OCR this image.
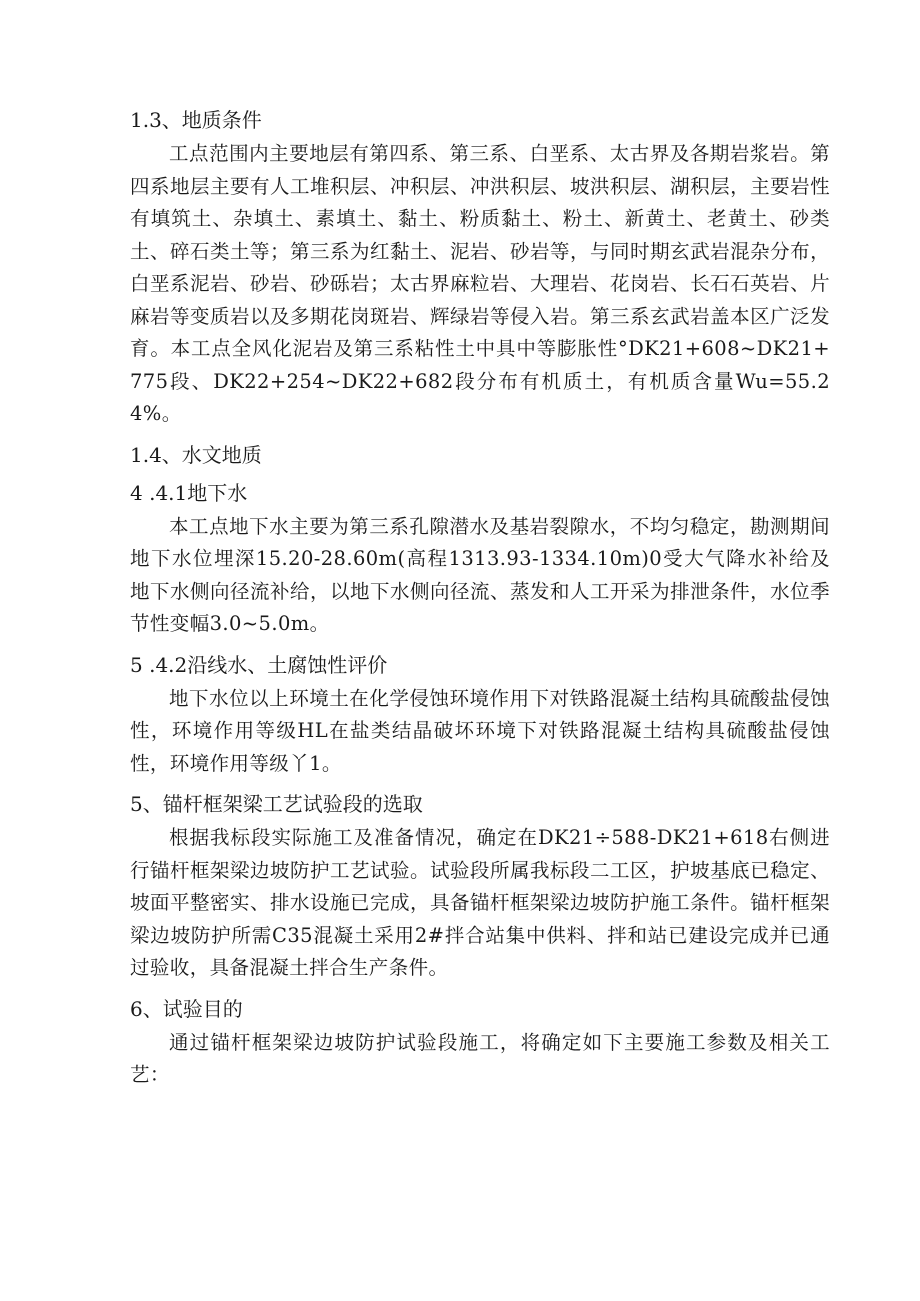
1.3、地质条件

工点范围内主要地层有第四系、第三系、白垩系、太古界及各期岩浆岩。第四系地层主要有人工堆积层、冲积层、冲洪积层、坡洪积层、湖积层，主要岩性有填筑土、杂填土、素填土、黏土、粉质黏土、粉土、新黄土、老黄土、砂类土、碎石类土等；第三系为红黏土、泥岩、砂岩等，与同时期玄武岩混杂分布，白垩系泥岩、砂岩、砂砾岩；太古界麻粒岩、大理岩、花岗岩、长石石英岩、片麻岩等变质岩以及多期花岗斑岩、辉绿岩等侵入岩。第三系玄武岩盖本区广泛发育。本工点全风化泥岩及第三系粘性土中具中等膨胀性°DK21+608~DK21+775段、DK22+254~DK22+682段分布有机质土，有机质含量Wu=55.24%。

1.4、水文地质
4 .4.1地下水

本工点地下水主要为第三系孔隙潜水及基岩裂隙水，不均匀稳定，勘测期间地下水位埋深15.20-28.60m(高程1313.93-1334.10m)0受大气降水补给及地下水侧向径流补给，以地下水侧向径流、蒸发和人工开采为排泄条件，水位季节性变幅3.0~5.0m。

5 .4.2沿线水、土腐蚀性评价

地下水位以上环境土在化学侵蚀环境作用下对铁路混凝土结构具硫酸盐侵蚀性，环境作用等级HL在盐类结晶破坏环境下对铁路混凝土结构具硫酸盐侵蚀性，环境作用等级丫1。

5、锚杆框架梁工艺试验段的选取

根据我标段实际施工及准备情况，确定在DK21÷588-DK21+618右侧进行锚杆框架梁边坡防护工艺试验。试验段所属我标段二工区，护坡基底已稳定、坡面平整密实、排水设施已完成，具备锚杆框架梁边坡防护施工条件。锚杆框架梁边坡防护所需C35混凝土采用2#拌合站集中供料、拌和站已建设完成并已通过验收，具备混凝土拌合生产条件。

6、试验目的

通过锚杆框架梁边坡防护试验段施工，将确定如下主要施工参数及相关工艺：
